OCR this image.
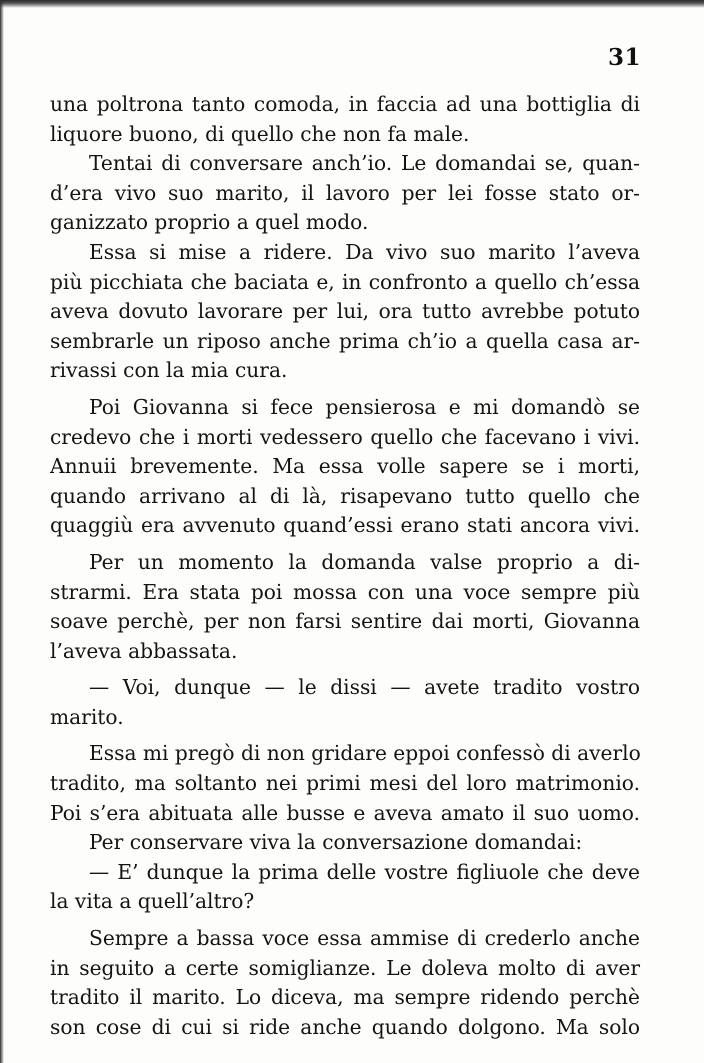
31
una poltrona tanto comoda, in faccia ad una bottiglia di
liquore buono, di quello che non fa male.
Tentai di conversare anch’io. Le domandai se, quan-
d’era vivo suo marito, il lavoro per lei fosse stato or-
ganizzato proprio a quel modo.
Essa si mise a ridere. Da vivo suo marito l’aveva
più picchiata che baciata e, in confronto a quello ch’essa
aveva dovuto lavorare per lui, ora tutto avrebbe potuto
sembrarle un riposo anche prima ch’io a quella casa ar-
rivassi con la mia cura.
Poi Giovanna si fece pensierosa e mi domandò se
credevo che i morti vedessero quello che facevano i vivi.
Annuii brevemente. Ma essa volle sapere se i morti,
quando arrivano al di là, risapevano tutto quello che
quaggiù era avvenuto quand’essi erano stati ancora vivi.
Per un momento la domanda valse proprio a di-
strarmi. Era stata poi mossa con una voce sempre più
soave perchè, per non farsi sentire dai morti, Giovanna
l’aveva abbassata.
— Voi, dunque — le dissi — avete tradito vostro
marito.
Essa mi pregò di non gridare eppoi confessò di averlo
tradito, ma soltanto nei primi mesi del loro matrimonio.
Poi s’era abituata alle busse e aveva amato il suo uomo.
Per conservare viva la conversazione domandai:
— E’ dunque la prima delle vostre figliuole che deve
la vita a quell’altro?
Sempre a bassa voce essa ammise di crederlo anche
in seguito a certe somiglianze. Le doleva molto di aver
tradito il marito. Lo diceva, ma sempre ridendo perchè
son cose di cui si ride anche quando dolgono. Ma solo
